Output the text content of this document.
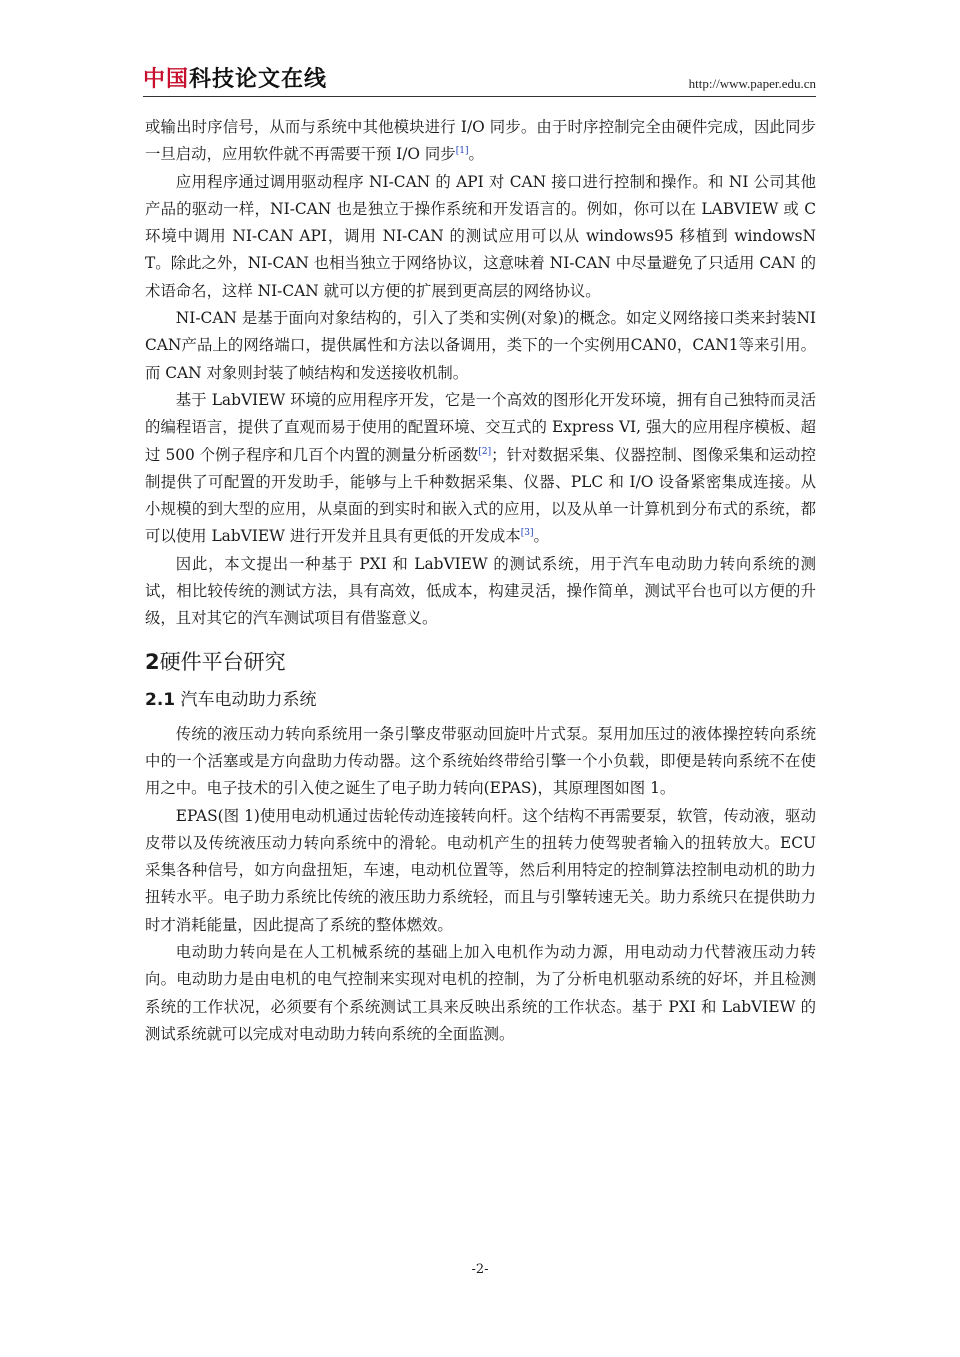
中国科技论文在线	http://www.paper.edu.cn

或输出时序信号，从而与系统中其他模块进行 I/O 同步。由于时序控制完全由硬件完成，因此同步一旦启动，应用软件就不再需要干预 I/O 同步[1]。

应用程序通过调用驱动程序 NI-CAN 的 API 对 CAN 接口进行控制和操作。和 NI 公司其他产品的驱动一样，NI-CAN 也是独立于操作系统和开发语言的。例如，你可以在 LABVIEW 或 C 环境中调用 NI-CAN API，调用 NI-CAN 的测试应用可以从 windows95 移植到 windowsNT。除此之外，NI-CAN 也相当独立于网络协议，这意味着 NI-CAN 中尽量避免了只适用 CAN 的术语命名，这样 NI-CAN 就可以方便的扩展到更高层的网络协议。

NI-CAN 是基于面向对象结构的，引入了类和实例(对象)的概念。如定义网络接口类来封装NI CAN产品上的网络端口，提供属性和方法以备调用，类下的一个实例用CAN0，CAN1等来引用。而 CAN 对象则封装了帧结构和发送接收机制。

基于 LabVIEW 环境的应用程序开发，它是一个高效的图形化开发环境，拥有自己独特而灵活的编程语言，提供了直观而易于使用的配置环境、交互式的 Express VI, 强大的应用程序模板、超过 500 个例子程序和几百个内置的测量分析函数[2]；针对数据采集、仪器控制、图像采集和运动控制提供了可配置的开发助手，能够与上千种数据采集、仪器、PLC 和 I/O 设备紧密集成连接。从小规模的到大型的应用，从桌面的到实时和嵌入式的应用，以及从单一计算机到分布式的系统，都可以使用 LabVIEW 进行开发并且具有更低的开发成本[3]。

因此，本文提出一种基于 PXI 和 LabVIEW 的测试系统，用于汽车电动助力转向系统的测试，相比较传统的测试方法，具有高效，低成本，构建灵活，操作简单，测试平台也可以方便的升级，且对其它的汽车测试项目有借鉴意义。

2硬件平台研究
2.1 汽车电动助力系统

传统的液压动力转向系统用一条引擎皮带驱动回旋叶片式泵。泵用加压过的液体操控转向系统中的一个活塞或是方向盘助力传动器。这个系统始终带给引擎一个小负载，即便是转向系统不在使用之中。电子技术的引入使之诞生了电子助力转向(EPAS)，其原理图如图 1。

EPAS(图 1)使用电动机通过齿轮传动连接转向杆。这个结构不再需要泵，软管，传动液，驱动皮带以及传统液压动力转向系统中的滑轮。电动机产生的扭转力使驾驶者输入的扭转放大。ECU 采集各种信号，如方向盘扭矩，车速，电动机位置等，然后利用特定的控制算法控制电动机的助力扭转水平。电子助力系统比传统的液压助力系统轻，而且与引擎转速无关。助力系统只在提供助力时才消耗能量，因此提高了系统的整体燃效。

电动助力转向是在人工机械系统的基础上加入电机作为动力源，用电动动力代替液压动力转向。电动助力是由电机的电气控制来实现对电机的控制，为了分析电机驱动系统的好坏，并且检测系统的工作状况，必须要有个系统测试工具来反映出系统的工作状态。基于 PXI 和 LabVIEW 的测试系统就可以完成对电动助力转向系统的全面监测。

-2-
